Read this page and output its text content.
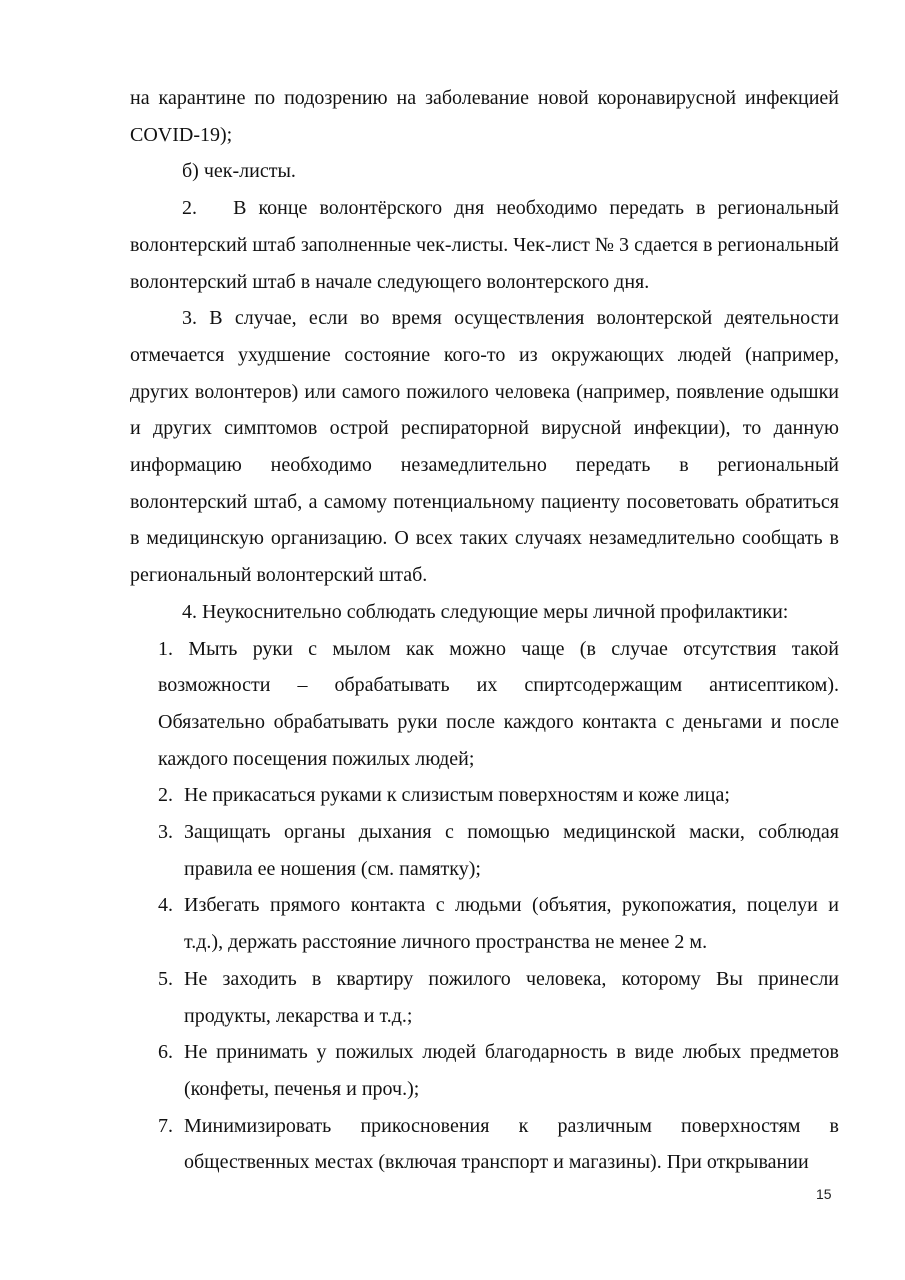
на карантине по подозрению на заболевание новой коронавирусной инфекцией COVID-19);

б) чек-листы.

2. В конце волонтёрского дня необходимо передать в региональный волонтерский штаб заполненные чек-листы. Чек-лист № 3 сдается в региональный волонтерский штаб в начале следующего волонтерского дня.

3. В случае, если во время осуществления волонтерской деятельности отмечается ухудшение состояние кого-то из окружающих людей (например, других волонтеров) или самого пожилого человека (например, появление одышки и других симптомов острой респираторной вирусной инфекции), то данную информацию необходимо незамедлительно передать в региональный волонтерский штаб, а самому потенциальному пациенту посоветовать обратиться в медицинскую организацию. О всех таких случаях незамедлительно сообщать в региональный волонтерский штаб.

4. Неукоснительно соблюдать следующие меры личной профилактики:

1. Мыть руки с мылом как можно чаще (в случае отсутствия такой возможности – обрабатывать их спиртсодержащим антисептиком). Обязательно обрабатывать руки после каждого контакта с деньгами и после каждого посещения пожилых людей;
2. Не прикасаться руками к слизистым поверхностям и коже лица;
3. Защищать органы дыхания с помощью медицинской маски, соблюдая правила ее ношения (см. памятку);
4. Избегать прямого контакта с людьми (объятия, рукопожатия, поцелуи и т.д.), держать расстояние личного пространства не менее 2 м.
5. Не заходить в квартиру пожилого человека, которому Вы принесли продукты, лекарства и т.д.;
6. Не принимать у пожилых людей благодарность в виде любых предметов (конфеты, печенья и проч.);
7. Минимизировать прикосновения к различным поверхностям в общественных местах (включая транспорт и магазины). При открывании
15
